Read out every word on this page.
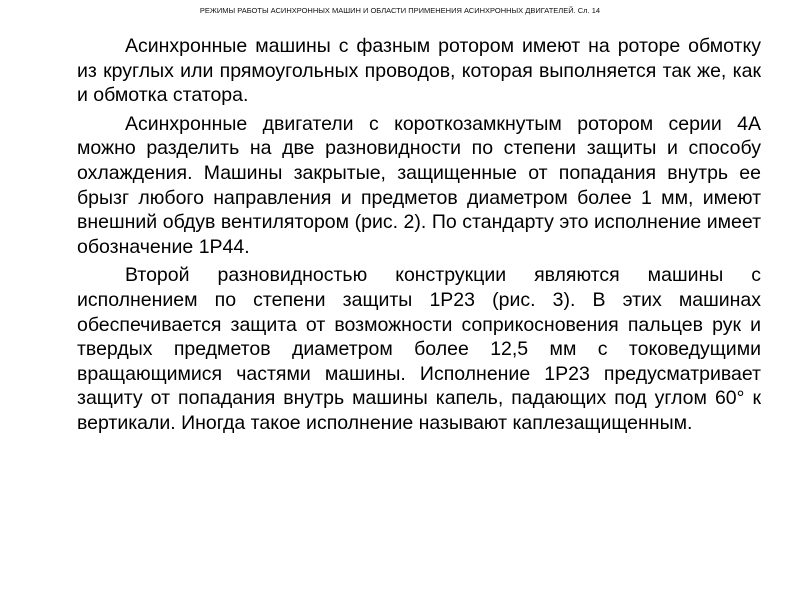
РЕЖИМЫ РАБОТЫ АСИНХРОННЫХ МАШИН И ОБЛАСТИ ПРИМЕНЕНИЯ АСИНХРОННЫХ ДВИГАТЕЛЕЙ. Сл. 14

Асинхронные машины с фазным ротором имеют на роторе обмотку из круглых или прямоугольных проводов, которая выполняется так же, как и обмотка статора.

Асинхронные двигатели с короткозамкнутым ротором серии 4А можно разделить на две разновидности по степени защиты и способу охлаждения. Машины закрытые, защищенные от попадания внутрь ее брызг любого направления и предметов диаметром более 1 мм, имеют внешний обдув вентилятором (рис. 2). По стандарту это исполнение имеет обозначение 1P44.

Второй разновидностью конструкции являются машины с исполнением по степени защиты 1P23 (рис. 3). В этих машинах обеспечивается защита от возможности соприкосновения пальцев рук и твердых предметов диаметром более 12,5 мм с токоведущими вращающимися частями машины. Исполнение 1P23 предусматривает защиту от попадания внутрь машины капель, падающих под углом 60° к вертикали. Иногда такое исполнение называют каплезащищенным.
